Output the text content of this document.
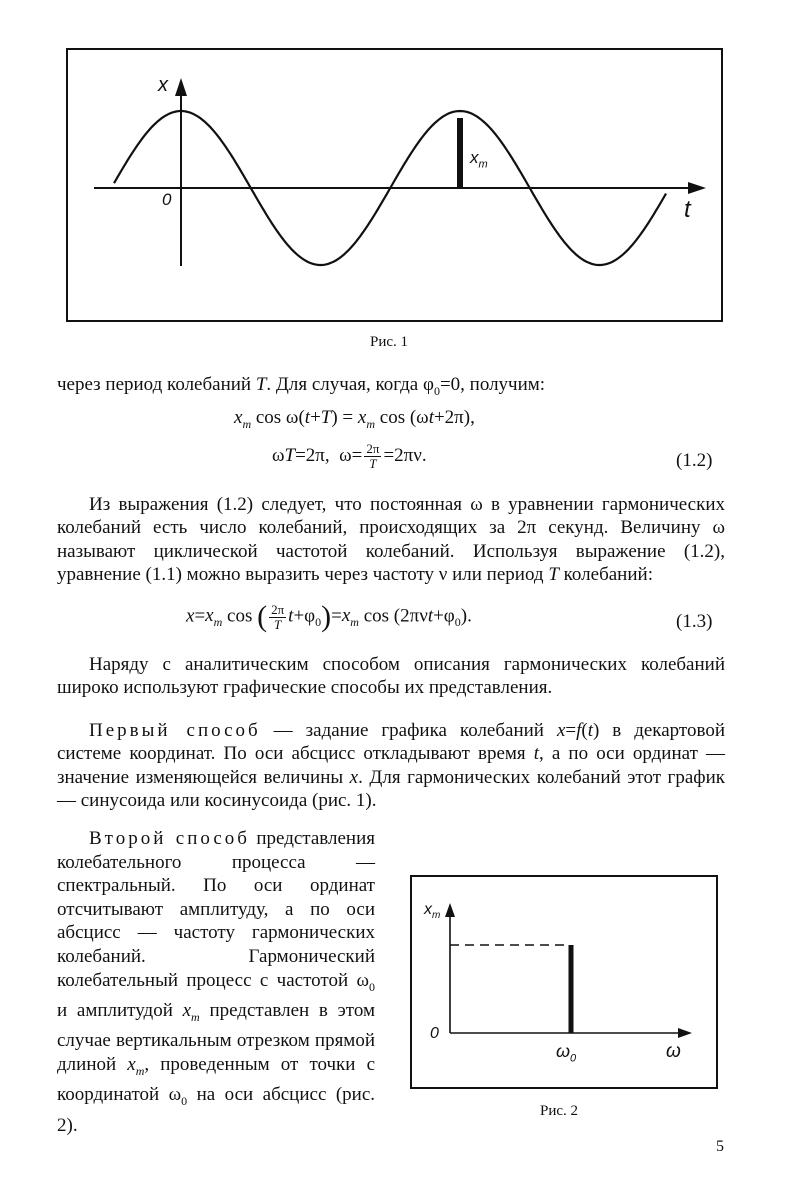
x
t
0
$x_m$
Рис. 1

через период колебаний T. Для случая, когда $\varphi_0=0$, получим:

$x_m$ $\cos \omega(t+T) = x_m$ cos (ωt+2π),
ωT=2π,  $\omega= \frac{2\pi}{T} =2\pi\nu$.	(1.2)

Из выражения (1.2) следует, что постоянная ω в уравнении гармонических колебаний есть число колебаний, происходящих за 2π секунд. Величину ω называют циклической частотой колебаний. Используя выражение (1.2), уравнение (1.1) можно выразить через частоту ν или период T колебаний:

$x=x_m$ cos ( $\frac{2\pi}{T} t+\varphi_0)=x_m$ $\cos (2\pi\nu t+\varphi_0)$.	(1.3)

Наряду с аналитическим способом описания гармонических колебаний широко используют графические способы их представления.

Первый способ — задание графика колебаний x=f(t) в декартовой системе координат. По оси абсцисс откладывают время t, а по оси ординат — значение изменяющейся величины x. Для гармонических колебаний этот график — синусоида или косинусоида (рис. 1).

Второй способ представления колебательного процесса — спектральный. По оси ординат отсчитывают амплитуду, а по оси абсцисс — частоту гармонических колебаний. Гармонический колебательный процесс с частотой $\omega_0$ и амплитудой $x_m$ представлен в этом случае вертикальным отрезком прямой длиной $x_m$, проведенным от точки с координатой $\omega_0$ на оси абсцисс (рис. 2).

$x_m$
0
$\omega_0$	ω
Рис. 2
5
